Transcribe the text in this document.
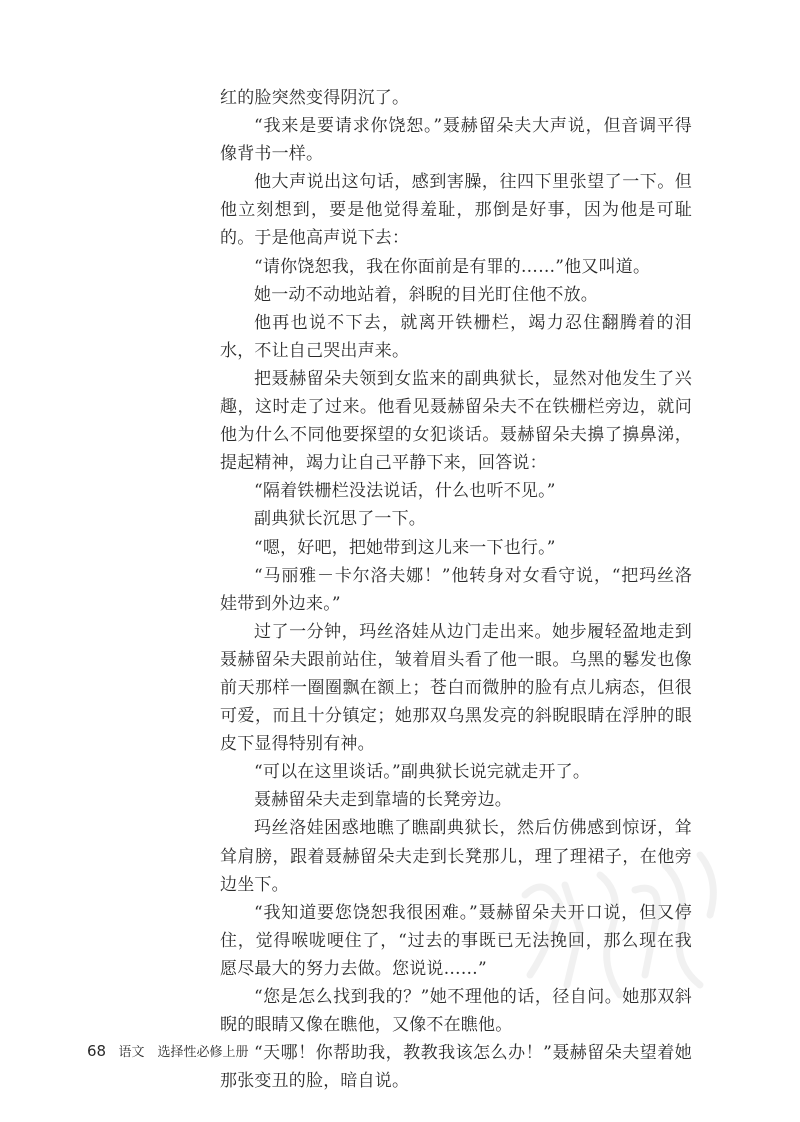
红的脸突然变得阴沉了。

“我来是要请求你饶恕。”聂赫留朵夫大声说，但音调平得像背书一样。

他大声说出这句话，感到害臊，往四下里张望了一下。但他立刻想到，要是他觉得羞耻，那倒是好事，因为他是可耻的。于是他高声说下去：

“请你饶恕我，我在你面前是有罪的……”他又叫道。

她一动不动地站着，斜睨的目光盯住他不放。

他再也说不下去，就离开铁栅栏，竭力忍住翻腾着的泪水，不让自己哭出声来。

把聂赫留朵夫领到女监来的副典狱长，显然对他发生了兴趣，这时走了过来。他看见聂赫留朵夫不在铁栅栏旁边，就问他为什么不同他要探望的女犯谈话。聂赫留朵夫擤了擤鼻涕，提起精神，竭力让自己平静下来，回答说：

“隔着铁栅栏没法说话，什么也听不见。”

副典狱长沉思了一下。

“嗯，好吧，把她带到这儿来一下也行。”

“马丽雅－卡尔洛夫娜！”他转身对女看守说，“把玛丝洛娃带到外边来。”

过了一分钟，玛丝洛娃从边门走出来。她步履轻盈地走到聂赫留朵夫跟前站住，皱着眉头看了他一眼。乌黑的鬈发也像前天那样一圈圈飘在额上；苍白而微肿的脸有点儿病态，但很可爱，而且十分镇定；她那双乌黑发亮的斜睨眼睛在浮肿的眼皮下显得特别有神。

“可以在这里谈话。”副典狱长说完就走开了。

聂赫留朵夫走到靠墙的长凳旁边。

玛丝洛娃困惑地瞧了瞧副典狱长，然后仿佛感到惊讶，耸耸肩膀，跟着聂赫留朵夫走到长凳那儿，理了理裙子，在他旁边坐下。

“我知道要您饶恕我很困难。”聂赫留朵夫开口说，但又停住，觉得喉咙哽住了，“过去的事既已无法挽回，那么现在我愿尽最大的努力去做。您说说……”

“您是怎么找到我的？”她不理他的话，径自问。她那双斜睨的眼睛又像在瞧他，又像不在瞧他。

“天哪！你帮助我，教教我该怎么办！”聂赫留朵夫望着她那张变丑的脸，暗自说。

68 语文　选择性必修上册
